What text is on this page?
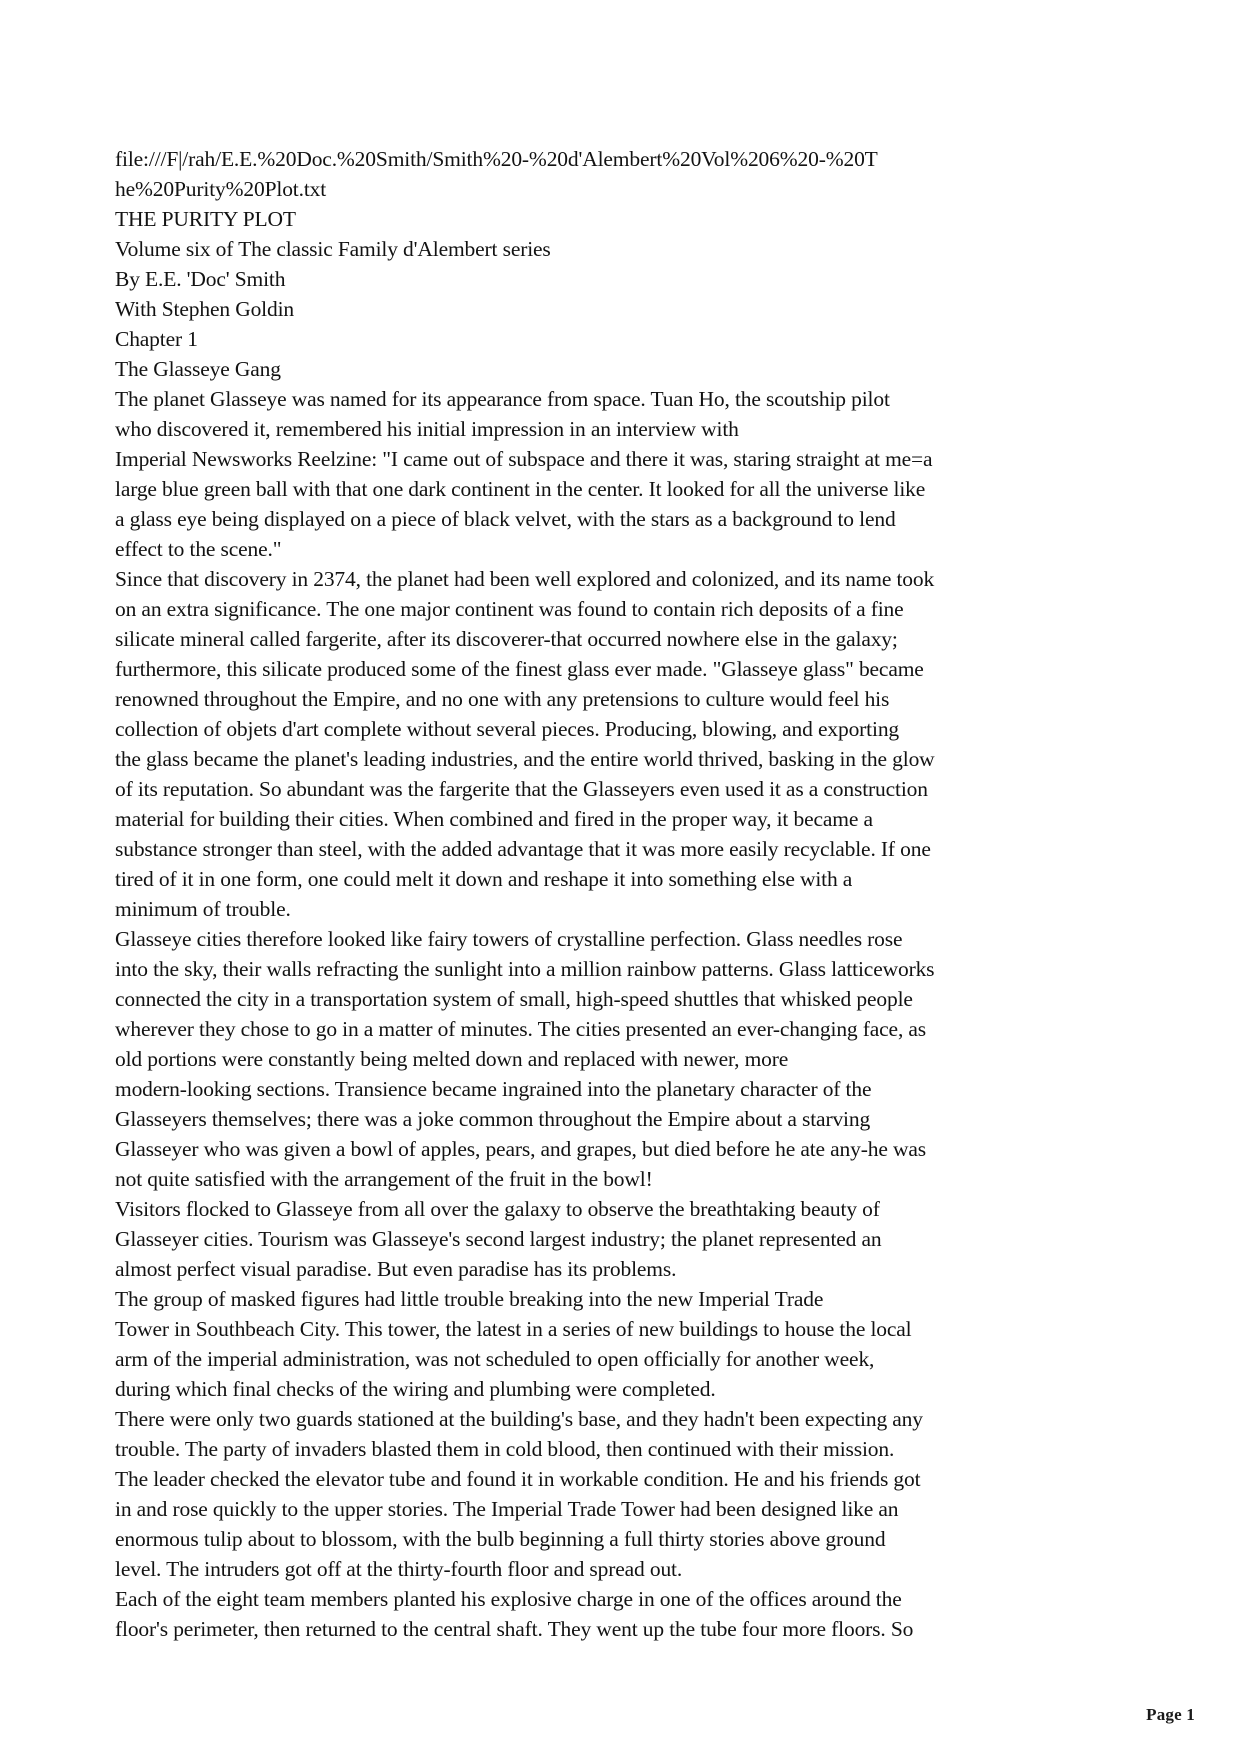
file:///F|/rah/E.E.%20Doc.%20Smith/Smith%20-%20d'Alembert%20Vol%206%20-%20T
he%20Purity%20Plot.txt
THE PURITY PLOT
Volume six of The classic Family d'Alembert series
By E.E. 'Doc' Smith
With Stephen Goldin
Chapter 1
The Glasseye Gang
The planet Glasseye was named for its appearance from space. Tuan Ho, the scoutship pilot
who discovered it, remembered his initial impression in an interview with
Imperial Newsworks Reelzine: "I came out of subspace and there it was, staring straight at me=a
large blue green ball with that one dark continent in the center. It looked for all the universe like
a glass eye being displayed on a piece of black velvet, with the stars as a background to lend
effect to the scene."
Since that discovery in 2374, the planet had been well explored and colonized, and its name took
on an extra significance. The one major continent was found to contain rich deposits of a fine
silicate mineral called fargerite, after its discoverer-that occurred nowhere else in the galaxy;
furthermore, this silicate produced some of the finest glass ever made. "Glasseye glass" became
renowned throughout the Empire, and no one with any pretensions to culture would feel his
collection of objets d'art complete without several pieces. Producing, blowing, and exporting
the glass became the planet's leading industries, and the entire world thrived, basking in the glow
of its reputation. So abundant was the fargerite that the Glasseyers even used it as a construction
material for building their cities. When combined and fired in the proper way, it became a
substance stronger than steel, with the added advantage that it was more easily recyclable. If one
tired of it in one form, one could melt it down and reshape it into something else with a
minimum of trouble.
Glasseye cities therefore looked like fairy towers of crystalline perfection. Glass needles rose
into the sky, their walls refracting the sunlight into a million rainbow patterns. Glass latticeworks
connected the city in a transportation system of small, high-speed shuttles that whisked people
wherever they chose to go in a matter of minutes. The cities presented an ever-changing face, as
old portions were constantly being melted down and replaced with newer, more
modern-looking sections. Transience became ingrained into the planetary character of the
Glasseyers themselves; there was a joke common throughout the Empire about a starving
Glasseyer who was given a bowl of apples, pears, and grapes, but died before he ate any-he was
not quite satisfied with the arrangement of the fruit in the bowl!
Visitors flocked to Glasseye from all over the galaxy to observe the breathtaking beauty of
Glasseyer cities. Tourism was Glasseye's second largest industry; the planet represented an
almost perfect visual paradise. But even paradise has its problems.
The group of masked figures had little trouble breaking into the new Imperial Trade
Tower in Southbeach City. This tower, the latest in a series of new buildings to house the local
arm of the imperial administration, was not scheduled to open officially for another week,
during which final checks of the wiring and plumbing were completed.
There were only two guards stationed at the building's base, and they hadn't been expecting any
trouble. The party of invaders blasted them in cold blood, then continued with their mission.
The leader checked the elevator tube and found it in workable condition. He and his friends got
in and rose quickly to the upper stories. The Imperial Trade Tower had been designed like an
enormous tulip about to blossom, with the bulb beginning a full thirty stories above ground
level. The intruders got off at the thirty-fourth floor and spread out.
Each of the eight team members planted his explosive charge in one of the offices around the
floor's perimeter, then returned to the central shaft. They went up the tube four more floors. So
Page 1
